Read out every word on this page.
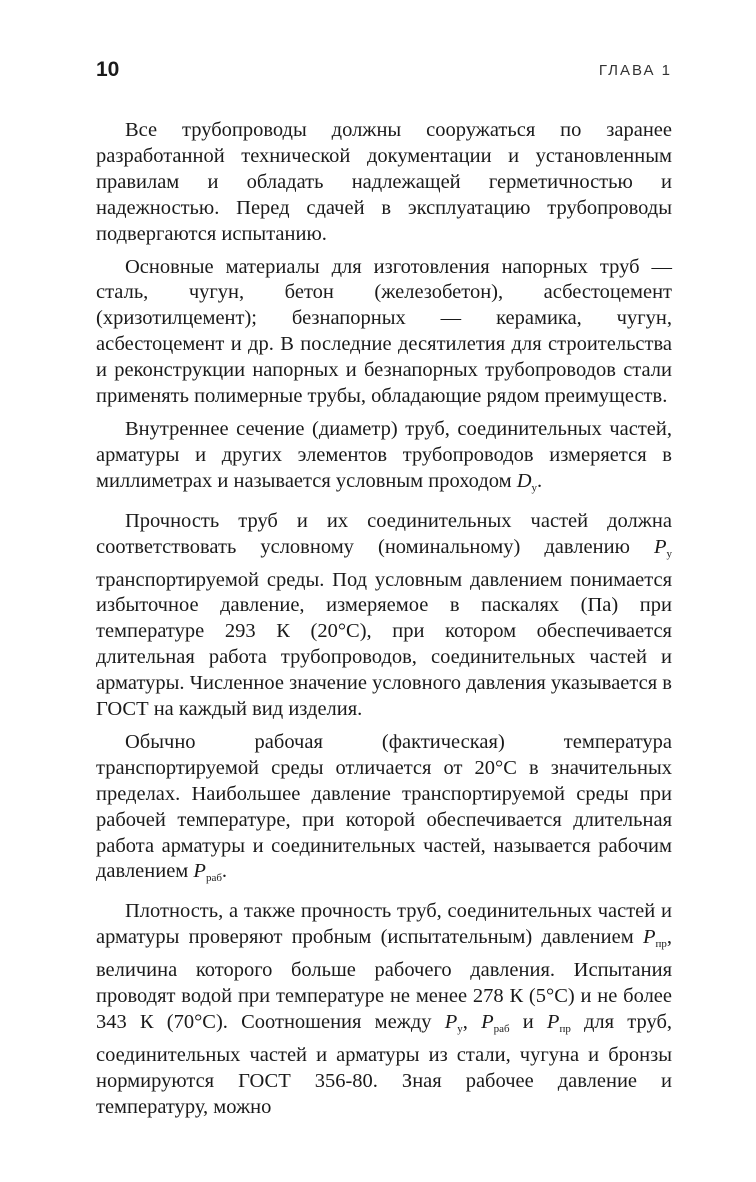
10	ГЛАВА 1

Все трубопроводы должны сооружаться по заранее разработанной технической документации и установленным правилам и обладать надлежащей герметичностью и надежностью. Перед сдачей в эксплуатацию трубопроводы подвергаются испытанию.

Основные материалы для изготовления напорных труб — сталь, чугун, бетон (железобетон), асбестоцемент (хризотилцемент); безнапорных — керамика, чугун, асбестоцемент и др. В последние десятилетия для строительства и реконструкции напорных и безнапорных трубопроводов стали применять полимерные трубы, обладающие рядом преимуществ.

Внутреннее сечение (диаметр) труб, соединительных частей, арматуры и других элементов трубопроводов измеряется в миллиметрах и называется условным проходом $D_у$.

Прочность труб и их соединительных частей должна соответствовать условному (номинальному) давлению $P_у$ транспортируемой среды. Под условным давлением понимается избыточное давление, измеряемое в паскалях (Па) при температуре 293 К (20°С), при котором обеспечивается длительная работа трубопроводов, соединительных частей и арматуры. Численное значение условного давления указывается в ГОСТ на каждый вид изделия.

Обычно рабочая (фактическая) температура транспортируемой среды отличается от 20°С в значительных пределах. Наибольшее давление транспортируемой среды при рабочей температуре, при которой обеспечивается длительная работа арматуры и соединительных частей, называется рабочим давлением $P_{раб}$.

Плотность, а также прочность труб, соединительных частей и арматуры проверяют пробным (испытательным) давлением $P_{пр}$, величина которого больше рабочего давления. Испытания проводят водой при температуре не менее 278 К (5°С) и не более 343 К (70°С). Соотношения между $P_у$, $P_{раб}$ и $P_{пр}$ для труб, соединительных частей и арматуры из стали, чугуна и бронзы нормируются ГОСТ 356-80. Зная рабочее давление и температуру, можно
